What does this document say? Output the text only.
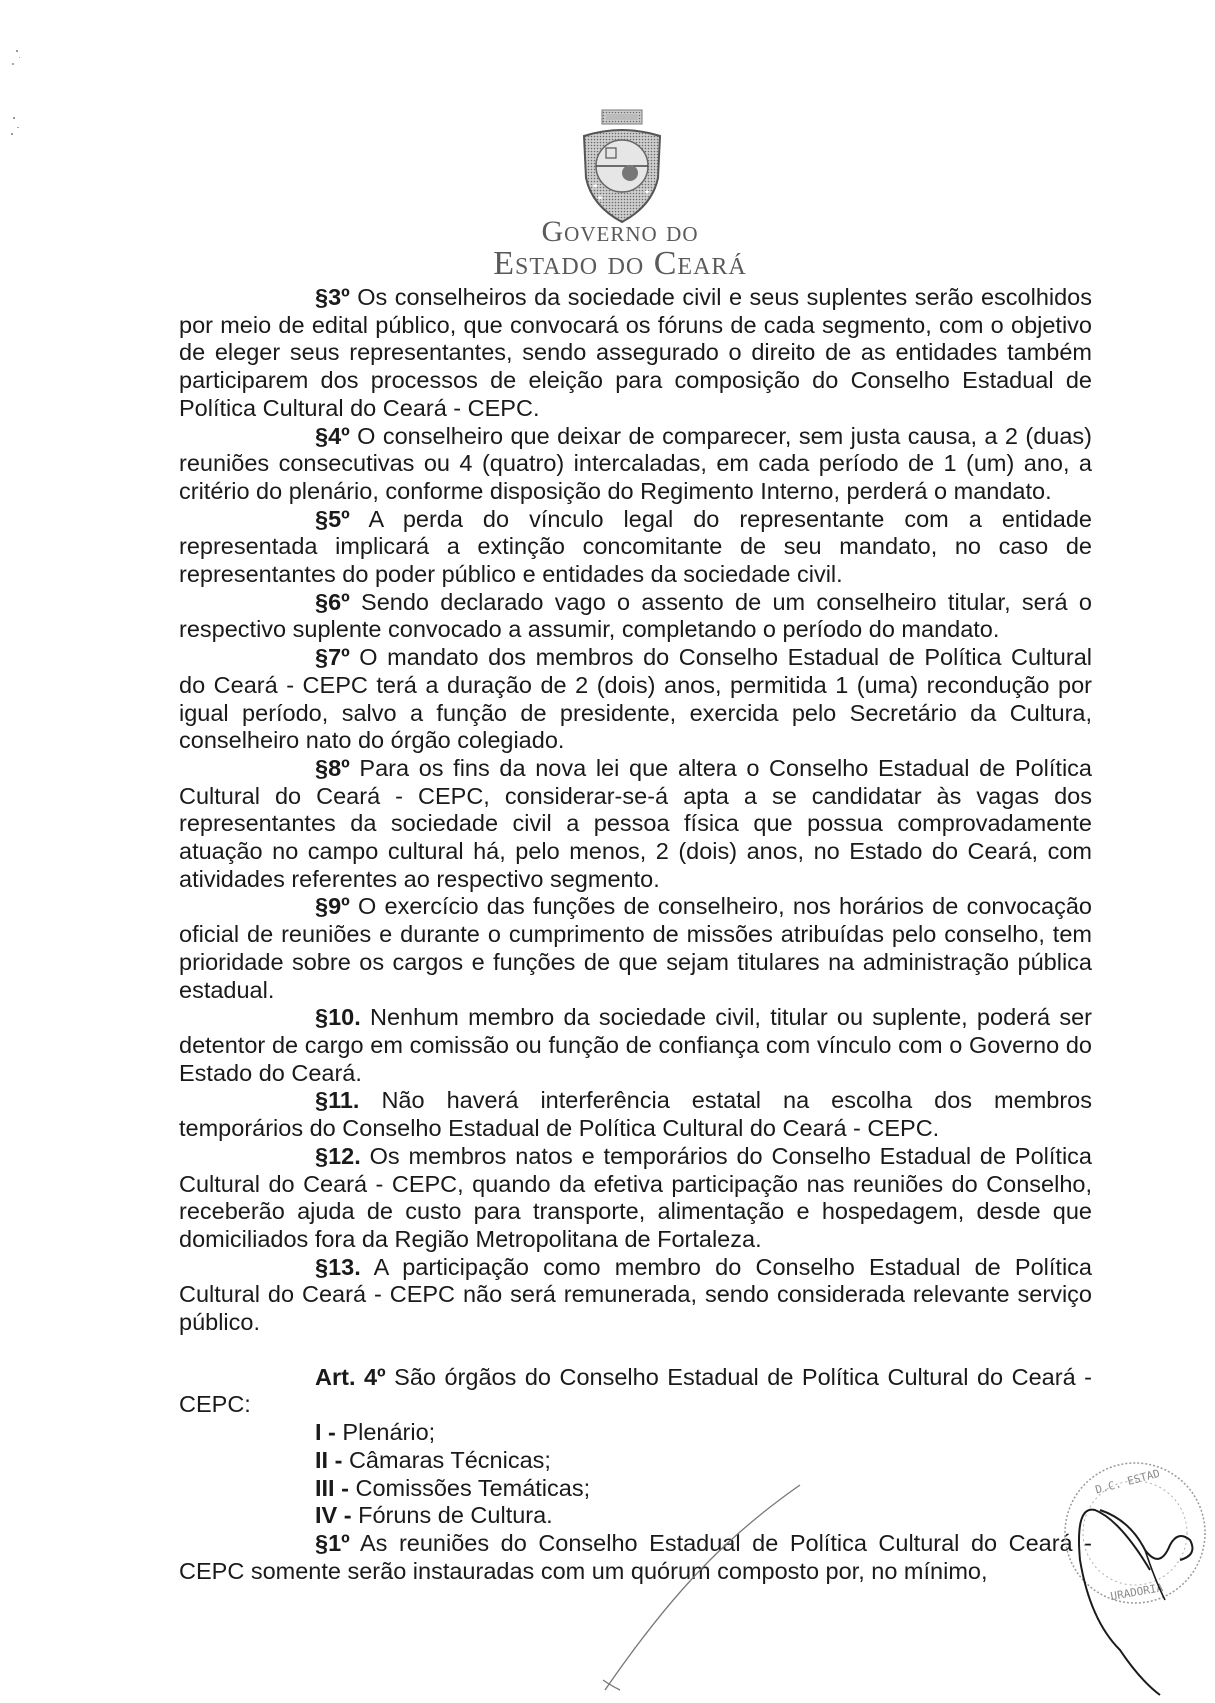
★
★
★
Governo do
Estado do Ceará

§3º Os conselheiros da sociedade civil e seus suplentes serão escolhidos por meio de edital público, que convocará os fóruns de cada segmento, com o objetivo de eleger seus representantes, sendo assegurado o direito de as entidades também participarem dos processos de eleição para composição do Conselho Estadual de Política Cultural do Ceará - CEPC.

§4º O conselheiro que deixar de comparecer, sem justa causa, a 2 (duas) reuniões consecutivas ou 4 (quatro) intercaladas, em cada período de 1 (um) ano, a critério do plenário, conforme disposição do Regimento Interno, perderá o mandato.

§5º A perda do vínculo legal do representante com a entidade representada implicará a extinção concomitante de seu mandato, no caso de representantes do poder público e entidades da sociedade civil.

§6º Sendo declarado vago o assento de um conselheiro titular, será o respectivo suplente convocado a assumir, completando o período do mandato.

§7º O mandato dos membros do Conselho Estadual de Política Cultural do Ceará - CEPC terá a duração de 2 (dois) anos, permitida 1 (uma) recondução por igual período, salvo a função de presidente, exercida pelo Secretário da Cultura, conselheiro nato do órgão colegiado.

§8º Para os fins da nova lei que altera o Conselho Estadual de Política Cultural do Ceará - CEPC, considerar-se-á apta a se candidatar às vagas dos representantes da sociedade civil a pessoa física que possua comprovadamente atuação no campo cultural há, pelo menos, 2 (dois) anos, no Estado do Ceará, com atividades referentes ao respectivo segmento.

§9º O exercício das funções de conselheiro, nos horários de convocação oficial de reuniões e durante o cumprimento de missões atribuídas pelo conselho, tem prioridade sobre os cargos e funções de que sejam titulares na administração pública estadual.

§10. Nenhum membro da sociedade civil, titular ou suplente, poderá ser detentor de cargo em comissão ou função de confiança com vínculo com o Governo do Estado do Ceará.

§11. Não haverá interferência estatal na escolha dos membros temporários do Conselho Estadual de Política Cultural do Ceará - CEPC.

§12. Os membros natos e temporários do Conselho Estadual de Política Cultural do Ceará - CEPC, quando da efetiva participação nas reuniões do Conselho, receberão ajuda de custo para transporte, alimentação e hospedagem, desde que domiciliados fora da Região Metropolitana de Fortaleza.

§13. A participação como membro do Conselho Estadual de Política Cultural do Ceará - CEPC não será remunerada, sendo considerada relevante serviço público.

Art. 4º São órgãos do Conselho Estadual de Política Cultural do Ceará - CEPC:

I - Plenário;

II - Câmaras Técnicas;

III - Comissões Temáticas;

IV - Fóruns de Cultura.

§1º As reuniões do Conselho Estadual de Política Cultural do Ceará - CEPC somente serão instauradas com um quórum composto por, no mínimo,

D.C. ESTAD
URADORIA
